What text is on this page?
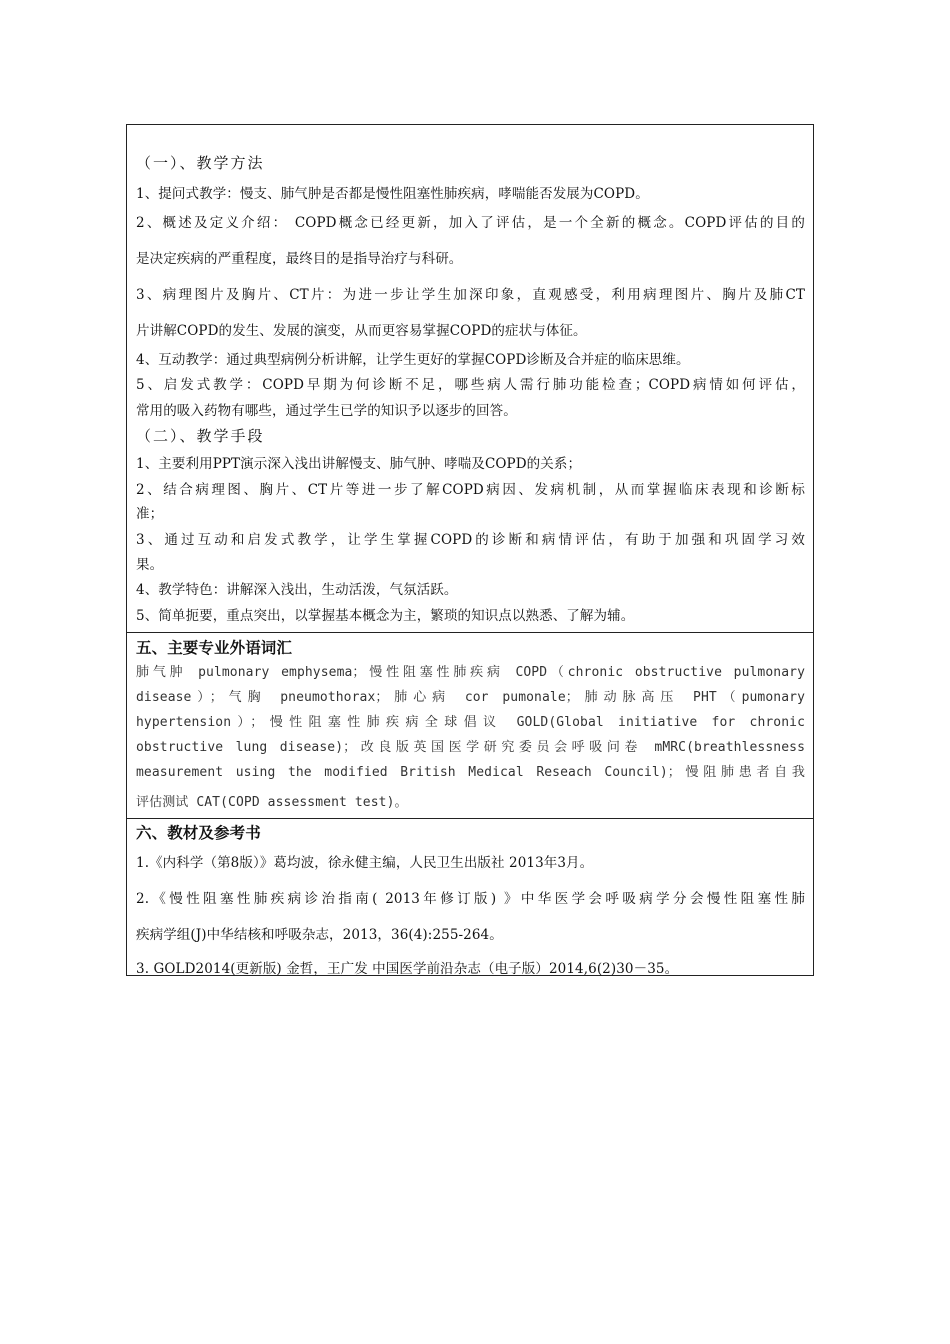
（一）、教学方法
1、提问式教学：慢支、肺气肿是否都是慢性阻塞性肺疾病，哮喘能否发展为COPD。
2、概述及定义介绍： COPD概念已经更新，加入了评估，是一个全新的概念。COPD评估的目的
是决定疾病的严重程度，最终目的是指导治疗与科研。
3、病理图片及胸片、CT片：为进一步让学生加深印象，直观感受，利用病理图片、胸片及肺CT
片讲解COPD的发生、发展的演变，从而更容易掌握COPD的症状与体征。
4、互动教学：通过典型病例分析讲解，让学生更好的掌握COPD诊断及合并症的临床思维。
5、启发式教学：COPD早期为何诊断不足，哪些病人需行肺功能检查；COPD病情如何评估，
常用的吸入药物有哪些，通过学生已学的知识予以逐步的回答。
（二）、教学手段
1、主要利用PPT演示深入浅出讲解慢支、肺气肿、哮喘及COPD的关系；
2、结合病理图、胸片、CT片等进一步了解COPD病因、发病机制，从而掌握临床表现和诊断标
准；
3、通过互动和启发式教学，让学生掌握COPD的诊断和病情评估，有助于加强和巩固学习效
果。
4、教学特色：讲解深入浅出，生动活泼，气氛活跃。
5、简单扼要，重点突出，以掌握基本概念为主，繁琐的知识点以熟悉、了解为辅。
五、主要专业外语词汇
肺气肿 pulmonary emphysema；慢性阻塞性肺疾病 COPD（chronic obstructive pulmonary
disease）；气胸 pneumothorax；肺心病 cor pumonale；肺动脉高压 PHT（pumonary
hypertension）；慢性阻塞性肺疾病全球倡议 GOLD(Global initiative for chronic
obstructive lung disease)；改良版英国医学研究委员会呼吸问卷 mMRC(breathlessness
measurement using the modified British Medical Reseach Council)；慢阻肺患者自我
评估测试 CAT(COPD assessment test)。
六、教材及参考书
1.《内科学（第8版）》葛均波，徐永健主编，人民卫生出版社 2013年3月。
2.《慢性阻塞性肺疾病诊治指南( 2013年修订版) 》中华医学会呼吸病学分会慢性阻塞性肺
疾病学组(J)中华结核和呼吸杂志，2013，36(4):255-264。
3. GOLD2014(更新版) 金哲，王广发 中国医学前沿杂志（电子版）2014,6(2)30－35。
